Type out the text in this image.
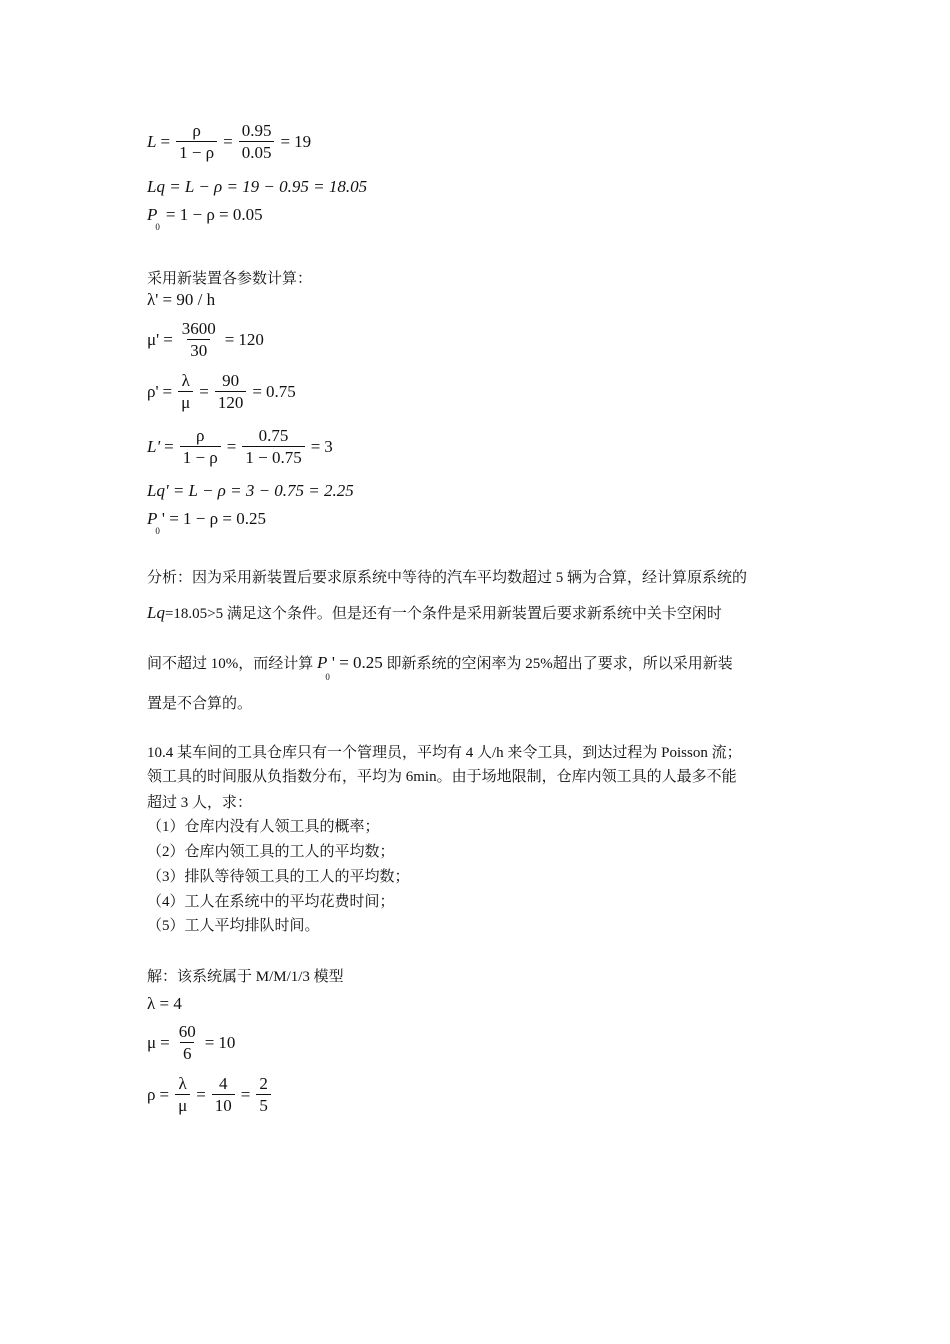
$L = \frac{\rho}{1 - \rho} = \frac{0.95}{0.05} = 19$
Lq = L − ρ = 19 − 0.95 = 18.05
P
0
= 1 − ρ = 0.05
采用新装置各参数计算：
λ' = 90 / h
$\mu' = \frac{3600}{30} = 120$
$\rho' = \frac{\lambda}{\mu} = \frac{90}{120} = 0.75$
$L' = \frac{\rho}{1 - \rho} = \frac{0.75}{1 - 0.75} = 3$
Lq' = L − ρ = 3 − 0.75 = 2.25
P
0
' = 1 − ρ = 0.25
分析：因为采用新装置后要求原系统中等待的汽车平均数超过 5 辆为合算，经计算原系统的
Lq=18.05>5 满足这个条件。但是还有一个条件是采用新装置后要求新系统中关卡空闲时
间不超过 10%，而经计算 $P_0' = 0.25$ 即新系统的空闲率为 25%超出了要求，所以采用新装
置是不合算的。
10.4 某车间的工具仓库只有一个管理员，平均有 4 人/h 来令工具，到达过程为 Poisson 流；
领工具的时间服从负指数分布，平均为 6min。由于场地限制，仓库内领工具的人最多不能
超过 3 人，求：
（1）仓库内没有人领工具的概率；
（2）仓库内领工具的工人的平均数；
（3）排队等待领工具的工人的平均数；
（4）工人在系统中的平均花费时间；
（5）工人平均排队时间。
解：该系统属于 M/M/1/3 模型
λ = 4
$\mu = \frac{60}{6} = 10$
$\rho = \frac{\lambda}{\mu} = \frac{4}{10} = \frac{2}{5}$
